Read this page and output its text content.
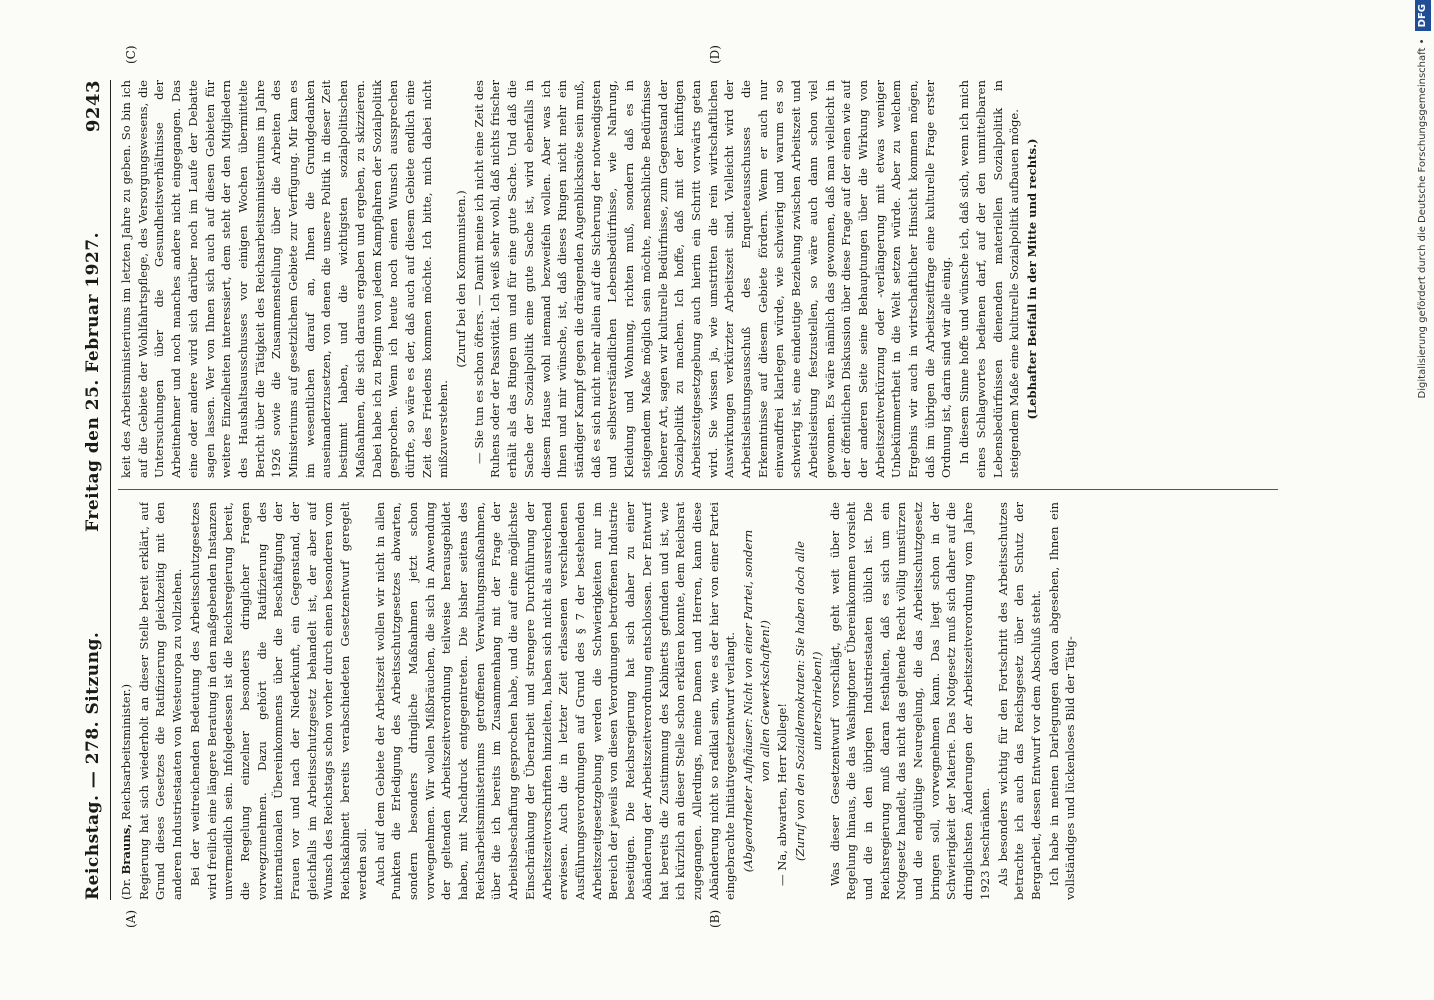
Reichstag. — 278. Sitzung.
Freitag den 25. Februar 1927.
9243
(A)	(B)
(C)	(D)

(Dr. Brauns, Reichsarbeitsminister.) Regierung hat sich wiederholt an dieser Stelle bereit erklärt, auf Grund dieses Gesetzes die Ratifizierung gleichzeitig mit den anderen Industriestaaten von Westeuropa zu vollziehen. Bei der weitreichenden Bedeutung des Arbeitsschutzgesetzes wird freilich eine längere Beratung in den maßgebenden Instanzen unvermeidlich sein. Infolgedessen ist die Reichsregierung bereit, die Regelung einzelner besonders dringlicher Fragen vorwegzunehmen. Dazu gehört die Ratifizierung des internationalen Übereinkommens über die Beschäftigung der Frauen vor und nach der Niederkunft, ein Gegenstand, der gleichfalls im Arbeitsschutzgesetz behandelt ist, der aber auf Wunsch des Reichstags schon vorher durch einen besonderen vom Reichskabinett bereits verabschiedeten Gesetzentwurf geregelt werden soll. Auch auf dem Gebiete der Arbeitszeit wollen wir nicht in allen Punkten die Erledigung des Arbeitsschutzgesetzes abwarten, sondern besonders dringliche Maßnahmen jetzt schon vorwegnehmen. Wir wollen Mißbräuchen, die sich in Anwendung der geltenden Arbeitszeitverordnung teilweise herausgebildet haben, mit Nachdruck entgegentreten. Die bisher seitens des Reichsarbeitsministeriums getroffenen Verwaltungsmaßnahmen, über die ich bereits im Zusammenhang mit der Frage der Arbeitsbeschaffung gesprochen habe, und die auf eine möglichste Einschränkung der Überarbeit und strengere Durchführung der Arbeitszeitvorschriften hinzielten, haben sich nicht als ausreichend erwiesen. Auch die in letzter Zeit erlassenen verschiedenen Ausführungsverordnungen auf Grund des § 7 der bestehenden Arbeitszeitgesetzgebung werden die Schwierigkeiten nur im Bereich der jeweils von diesen Verordnungen betroffenen Industrie beseitigen. Die Reichsregierung hat sich daher zu einer Abänderung der Arbeitszeitverordnung entschlossen. Der Entwurf hat bereits die Zustimmung des Kabinetts gefunden und ist, wie ich kürzlich an dieser Stelle schon erklären konnte, dem Reichsrat zugegangen. Allerdings, meine Damen und Herren, kann diese Abänderung nicht so radikal sein, wie es der hier von einer Partei eingebrachte Initiativgesetzentwurf verlangt. (Abgeordneter Aufhäuser: Nicht von einer Partei, sondern von allen Gewerkschaften!)

— Na, abwarten, Herr Kollege! (Zuruf von den Sozialdemokraten: Sie haben doch alle unterschrieben!) Was dieser Gesetzentwurf vorschlägt, geht weit über die Regelung hinaus, die das Washingtoner Übereinkommen vorsieht und die in den übrigen Industriestaaten üblich ist. Die Reichsregierung muß daran festhalten, daß es sich um ein Notgesetz handelt, das nicht das geltende Recht völlig umstürzen und die endgültige Neuregelung, die das Arbeitsschutzgesetz bringen soll, vorwegnehmen kann. Das liegt schon in der Schwierigkeit der Materie. Das Notgesetz muß sich daher auf die dringlichsten Änderungen der Arbeitszeitverordnung vom Jahre 1923 beschränken. Als besonders wichtig für den Fortschritt des Arbeitsschutzes betrachte ich auch das Reichsgesetz über den Schutz der Bergarbeit, dessen Entwurf vor dem Abschluß steht. Ich habe in meinen Darlegungen davon abgesehen, Ihnen ein vollständiges und lückenloses Bild der Tätig-

keit des Arbeitsministeriums im letzten Jahre zu geben. So bin ich auf die Gebiete der Wohlfahrtspflege, des Versorgungswesens, die Untersuchungen über die Gesundheitsverhältnisse der Arbeitnehmer und noch manches andere nicht eingegangen. Das eine oder andere wird sich darüber noch im Laufe der Debatte sagen lassen. Wer von Ihnen sich auch auf diesen Gebieten für weitere Einzelheiten interessiert, dem steht der den Mitgliedern des Haushaltsausschusses vor einigen Wochen übermittelte Bericht über die Tätigkeit des Reichsarbeitsministeriums im Jahre 1926 sowie die Zusammenstellung über die Arbeiten des Ministeriums auf gesetzlichem Gebiete zur Verfügung. Mir kam es im wesentlichen darauf an, Ihnen die Grundgedanken auseinanderzusetzen, von denen die unsere Politik in dieser Zeit bestimmt haben, und die wichtigsten sozialpolitischen Maßnahmen, die sich daraus ergaben und ergeben, zu skizzieren. Dabei habe ich zu Beginn von jedem Kampfjahren der Sozialpolitik gesprochen. Wenn ich heute noch einen Wunsch aussprechen dürfte, so wäre es der, daß auch auf diesem Gebiete endlich eine Zeit des Friedens kommen möchte. Ich bitte, mich dabei nicht mißzuverstehen.

(Zuruf bei den Kommunisten.) — Sie tun es schon öfters. — Damit meine ich nicht eine Zeit des Ruhens oder der Passivität. Ich weiß sehr wohl, daß nichts frischer erhält als das Ringen um und für eine gute Sache. Und daß die Sache der Sozialpolitik eine gute Sache ist, wird ebenfalls in diesem Hause wohl niemand bezweifeln wollen. Aber was ich Ihnen und mir wünsche, ist, daß dieses Ringen nicht mehr ein ständiger Kampf gegen die drängenden Augenblicksnöte sein muß, daß es sich nicht mehr allein auf die Sicherung der notwendigsten und selbstverständlichen Lebensbedürfnisse, wie Nahrung, Kleidung und Wohnung, richten muß, sondern daß es in steigendem Maße möglich sein möchte, menschliche Bedürfnisse höherer Art, sagen wir kulturelle Bedürfnisse, zum Gegenstand der Sozialpolitik zu machen. Ich hoffe, daß mit der künftigen Arbeitszeitgesetzgebung auch hierin ein Schritt vorwärts getan wird. Sie wissen ja, wie umstritten die rein wirtschaftlichen Auswirkungen verkürzter Arbeitszeit sind. Vielleicht wird der Arbeitsleistungsausschuß des Enqueteausschusses die Erkenntnisse auf diesem Gebiete fördern. Wenn er auch nur einwandfrei klarlegen würde, wie schwierig und warum es so schwierig ist, eine eindeutige Beziehung zwischen Arbeitszeit und Arbeitsleistung festzustellen, so wäre auch dann schon viel gewonnen. Es wäre nämlich das gewonnen, daß man vielleicht in der öffentlichen Diskussion über diese Frage auf der einen wie auf der anderen Seite seine Behauptungen über die Wirkung von Arbeitszeitverkürzung oder -verlängerung mit etwas weniger Unbekümmertheit in die Welt setzen würde. Aber zu welchem Ergebnis wir auch in wirtschaftlicher Hinsicht kommen mögen, daß im übrigen die Arbeitszeitfrage eine kulturelle Frage erster Ordnung ist, darin sind wir alle einig. In diesem Sinne hoffe und wünsche ich, daß sich, wenn ich mich eines Schlagwortes bedienen darf, auf der den unmittelbaren Lebensbedürfnissen dienenden materiellen Sozialpolitik in steigendem Maße eine kulturelle Sozialpolitik aufbauen möge. (Lebhafter Beifall in der Mitte und rechts.)	Digitalisierung gefördert durch die Deutsche Forschungsgemeinschaft • DFG
